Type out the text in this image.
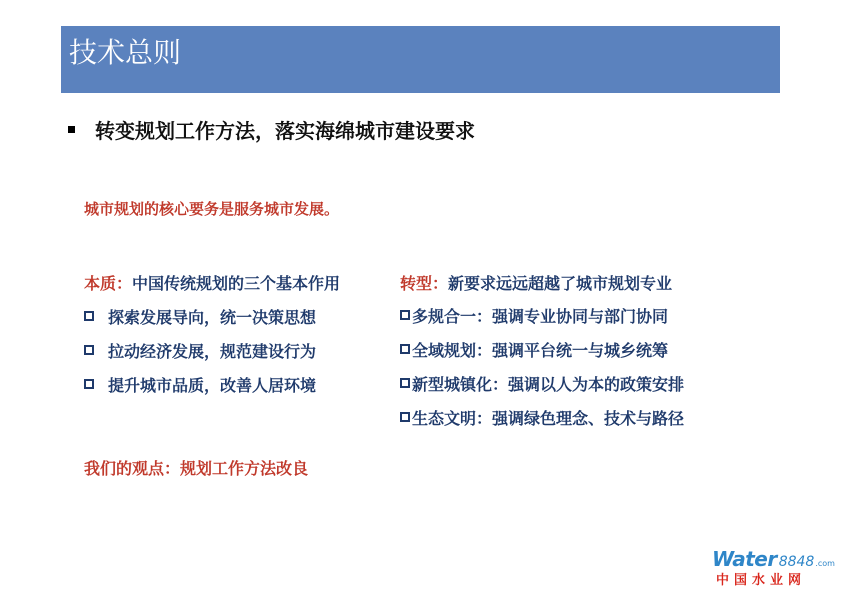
技术总则
转变规划工作方法，落实海绵城市建设要求
城市规划的核心要务是服务城市发展。
本质：中国传统规划的三个基本作用
探索发展导向，统一决策思想
拉动经济发展，规范建设行为
提升城市品质，改善人居环境
转型：新要求远远超越了城市规划专业
多规合一：强调专业协同与部门协同
全域规划：强调平台统一与城乡统筹
新型城镇化：强调以人为本的政策安排
生态文明：强调绿色理念、技术与路径
我们的观点：规划工作方法改良
Water 8848 .com
中国水业网
